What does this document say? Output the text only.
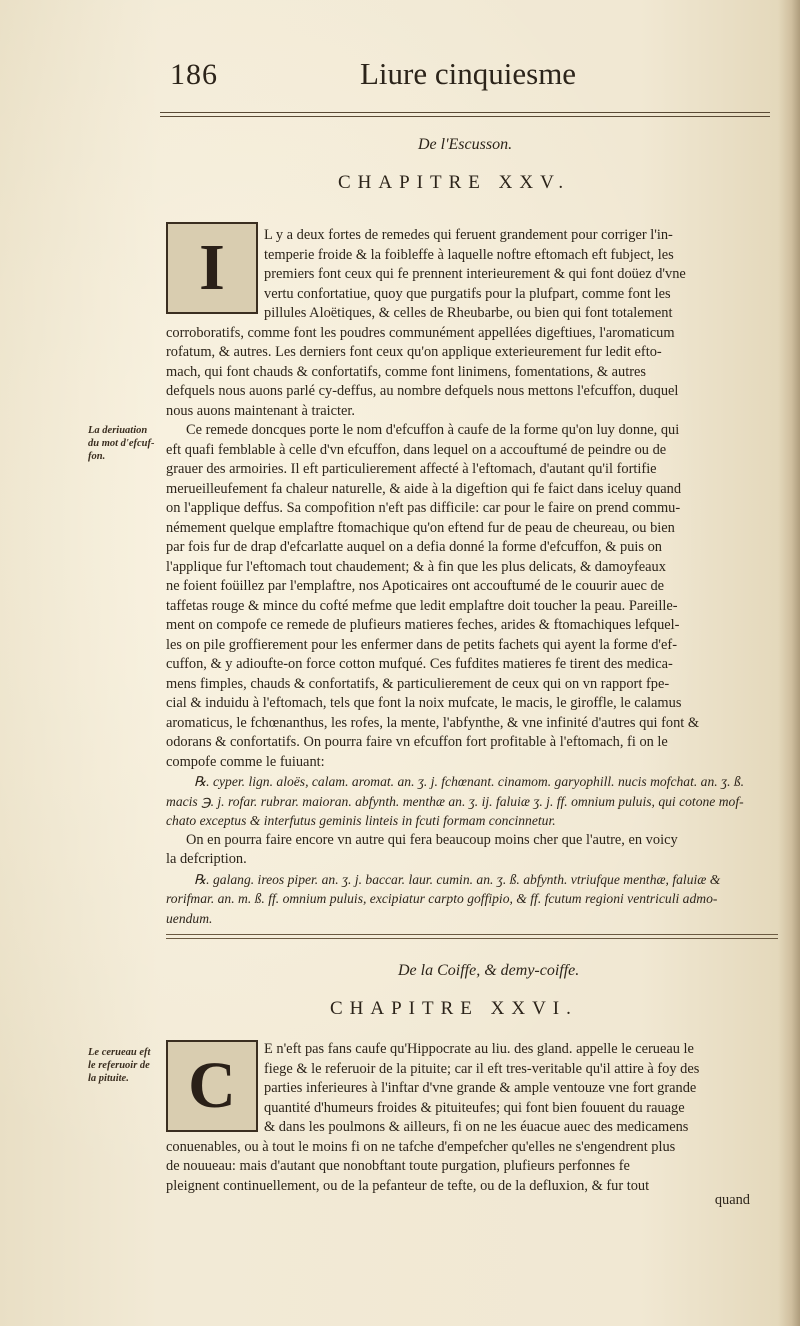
186	Liure cinquiesme
De l'Escusson.
CHAPITRE XXV.
I
La deriuation du mot d'efcuf-fon.
L y a deux fortes de remedes qui feruent grandement pour corriger l'in-
temperie froide & la foibleffe à laquelle noftre eftomach eft fubject, les
premiers font ceux qui fe prennent interieurement & qui font doüez d'vne
vertu confortatiue, quoy que purgatifs pour la plufpart, comme font les
pillules Aloëtiques, & celles de Rheubarbe, ou bien qui font totalement
corroboratifs, comme font les poudres communément appellées digeftiues, l'aromaticum
rofatum, & autres. Les derniers font ceux qu'on applique exterieurement fur ledit efto-
mach, qui font chauds & confortatifs, comme font linimens, fomentations, & autres
defquels nous auons parlé cy-deffus, au nombre defquels nous mettons l'efcuffon, duquel
nous auons maintenant à traicter.
Ce remede doncques porte le nom d'efcuffon à caufe de la forme qu'on luy donne, qui
eft quafi femblable à celle d'vn efcuffon, dans lequel on a accouftumé de peindre ou de
grauer des armoiries. Il eft particulierement affecté à l'eftomach, d'autant qu'il fortifie
merueilleufement fa chaleur naturelle, & aide à la digeftion qui fe faict dans iceluy quand
on l'applique deffus. Sa compofition n'eft pas difficile: car pour le faire on prend commu-
némement quelque emplaftre ftomachique qu'on eftend fur de peau de cheureau, ou bien
par fois fur de drap d'efcarlatte auquel on a defia donné la forme d'efcuffon, & puis on
l'applique fur l'eftomach tout chaudement; & à fin que les plus delicats, & damoyfeaux
ne foient foüillez par l'emplaftre, nos Apoticaires ont accouftumé de le couurir auec de
taffetas rouge & mince du cofté mefme que ledit emplaftre doit toucher la peau. Pareille-
ment on compofe ce remede de plufieurs matieres feches, arides & ftomachiques lefquel-
les on pile groffierement pour les enfermer dans de petits fachets qui ayent la forme d'ef-
cuffon, & y adioufte-on force cotton mufqué. Ces fufdites matieres fe tirent des medica-
mens fimples, chauds & confortatifs, & particulierement de ceux qui on vn rapport fpe-
cial & induidu à l'eftomach, tels que font la noix mufcate, le macis, le giroffle, le calamus
aromaticus, le fchœnanthus, les rofes, la mente, l'abfynthe, & vne infinité d'autres qui font &
odorans & confortatifs. On pourra faire vn efcuffon fort profitable à l'eftomach, fi on le
compofe comme le fuiuant:
℞. cyper. lign. aloës, calam. aromat. an. ʒ. j. fchœnant. cinamom. garyophill. nucis mofchat. an. ʒ. ß.
macis ℈. j. rofar. rubrar. maioran. abfynth. menthæ an. ʒ. ij. faluiæ ʒ. j. ff. omnium puluis, qui cotone mof-
chato exceptus & interfutus geminis linteis in fcuti formam concinnetur.
On en pourra faire encore vn autre qui fera beaucoup moins cher que l'autre, en voicy
la defcription.
℞. galang. ireos piper. an. ʒ. j. baccar. laur. cumin. an. ʒ. ß. abfynth. vtriufque menthæ, faluiæ &
rorifmar. an. m. ß. ff. omnium puluis, excipiatur carpto goffipio, & ff. fcutum regioni ventriculi admo-
uendum.
De la Coiffe, & demy-coiffe.
CHAPITRE XXVI.
C
Le cerueau eft le referuoir de la pituite.
E n'eft pas fans caufe qu'Hippocrate au liu. des gland. appelle le cerueau le
fiege & le referuoir de la pituite; car il eft tres-veritable qu'il attire à foy des
parties inferieures à l'inftar d'vne grande & ample ventouze vne fort grande
quantité d'humeurs froides & pituiteufes; qui font bien fouuent du rauage
& dans les poulmons & ailleurs, fi on ne les éuacue auec des medicamens
conuenables, ou à tout le moins fi on ne tafche d'empefcher qu'elles ne s'engendrent plus
de nouueau: mais d'autant que nonobftant toute purgation, plufieurs perfonnes fe
pleignent continuellement, ou de la pefanteur de tefte, ou de la defluxion, & fur tout
quand
